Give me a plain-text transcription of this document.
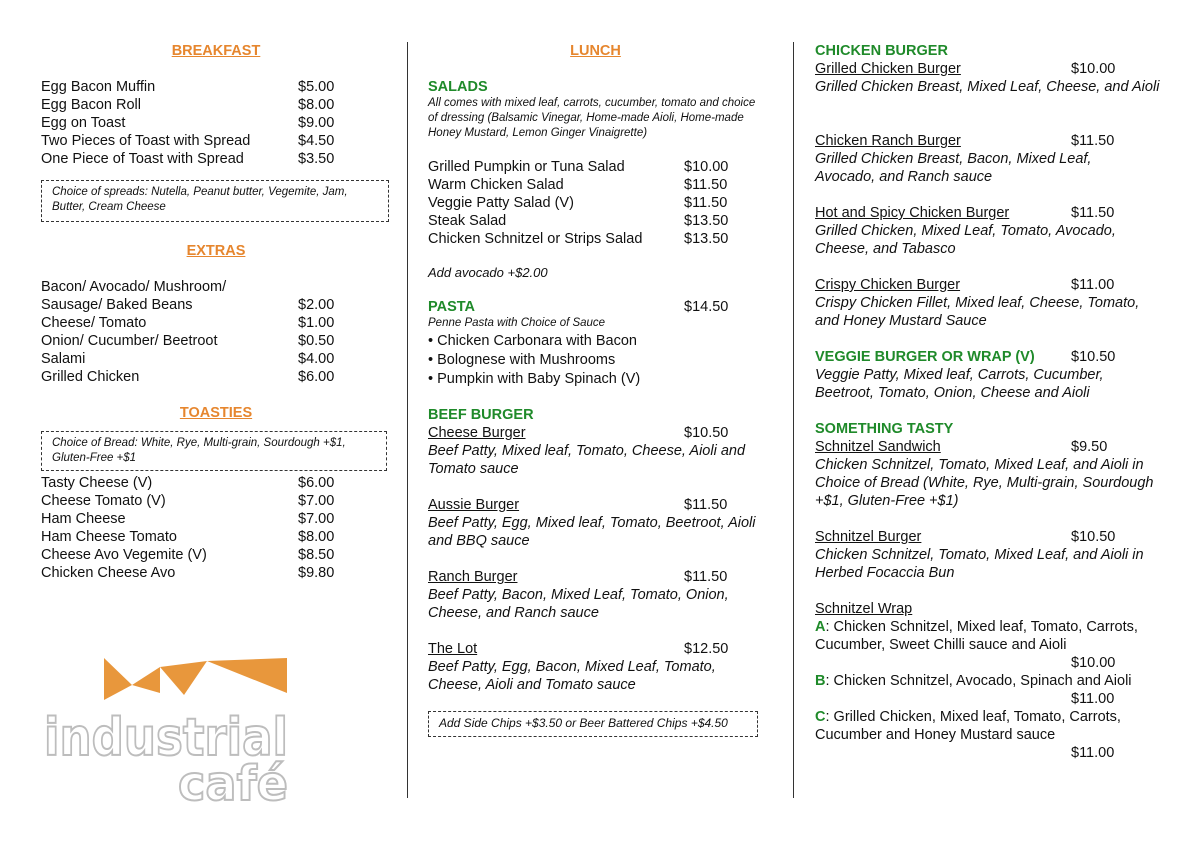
BREAKFAST
Egg Bacon Muffin	$5.00
Egg Bacon Roll	$8.00
Egg on Toast	$9.00
Two Pieces of Toast with Spread	$4.50
One Piece of Toast with Spread	$3.50
Choice of spreads: Nutella, Peanut butter, Vegemite, Jam, Butter, Cream Cheese
EXTRAS
Bacon/ Avocado/ Mushroom/
Sausage/ Baked Beans	$2.00
Cheese/ Tomato	$1.00
Onion/ Cucumber/ Beetroot	$0.50
Salami	$4.00
Grilled Chicken	$6.00
TOASTIES
Choice of Bread: White, Rye, Multi-grain, Sourdough +$1, Gluten-Free +$1
Tasty Cheese (V)	$6.00
Cheese Tomato (V)	$7.00
Ham Cheese	$7.00
Ham Cheese Tomato	$8.00
Cheese Avo Vegemite (V)	$8.50
Chicken Cheese Avo	$9.80
industrial
café
LUNCH
SALADS
All comes with mixed leaf, carrots, cucumber, tomato and choice of dressing (Balsamic Vinegar, Home-made Aioli, Home-made Honey Mustard, Lemon Ginger Vinaigrette)
Grilled Pumpkin or Tuna Salad	$10.00
Warm Chicken Salad	$11.50
Veggie Patty Salad (V)	$11.50
Steak Salad	$13.50
Chicken Schnitzel or Strips Salad	$13.50
Add avocado +$2.00
PASTA	$14.50
Penne Pasta with Choice of Sauce
• Chicken Carbonara with Bacon
• Bolognese with Mushrooms
• Pumpkin with Baby Spinach (V)
BEEF BURGER
Cheese Burger	$10.50
Beef Patty, Mixed leaf, Tomato, Cheese, Aioli and Tomato sauce
Aussie Burger	$11.50
Beef Patty, Egg, Mixed leaf, Tomato, Beetroot, Aioli and BBQ sauce
Ranch Burger	$11.50
Beef Patty, Bacon, Mixed Leaf, Tomato, Onion, Cheese, and Ranch sauce
The Lot	$12.50
Beef Patty, Egg, Bacon, Mixed Leaf, Tomato, Cheese, Aioli and Tomato sauce
Add Side Chips +$3.50 or Beer Battered Chips +$4.50
CHICKEN BURGER
Grilled Chicken Burger	$10.00
Grilled Chicken Breast, Mixed Leaf, Cheese, and Aioli
Chicken Ranch Burger	$11.50
Grilled Chicken Breast, Bacon, Mixed Leaf, Avocado, and Ranch sauce
Hot and Spicy Chicken Burger	$11.50
Grilled Chicken, Mixed Leaf, Tomato, Avocado, Cheese, and Tabasco
Crispy Chicken Burger	$11.00
Crispy Chicken Fillet, Mixed leaf, Cheese, Tomato, and Honey Mustard Sauce
VEGGIE BURGER OR WRAP (V)	$10.50
Veggie Patty, Mixed leaf, Carrots, Cucumber, Beetroot, Tomato, Onion, Cheese and Aioli
SOMETHING TASTY
Schnitzel Sandwich	$9.50
Chicken Schnitzel, Tomato, Mixed Leaf, and Aioli in Choice of Bread (White, Rye, Multi-grain, Sourdough +$1, Gluten-Free +$1)
Schnitzel Burger	$10.50
Chicken Schnitzel, Tomato, Mixed Leaf, and Aioli in Herbed Focaccia Bun
Schnitzel Wrap
A: Chicken Schnitzel, Mixed leaf, Tomato, Carrots, Cucumber, Sweet Chilli sauce and Aioli
$10.00
B: Chicken Schnitzel, Avocado, Spinach and Aioli
$11.00
C: Grilled Chicken, Mixed leaf, Tomato, Carrots, Cucumber and Honey Mustard sauce
$11.00
